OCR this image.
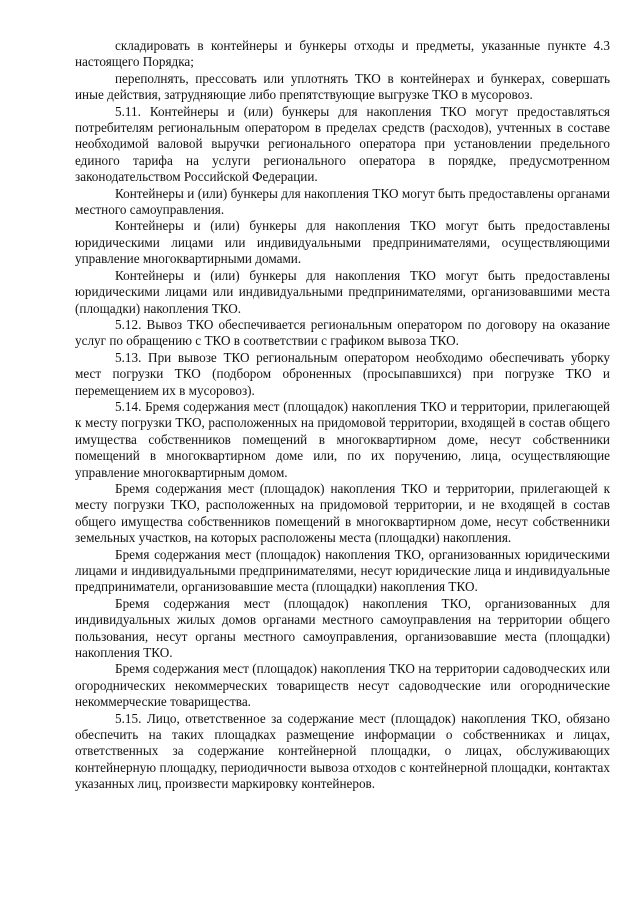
складировать в контейнеры и бункеры отходы и предметы, указанные пункте 4.3 настоящего Порядка;

переполнять, прессовать или уплотнять ТКО в контейнерах и бункерах, совершать иные действия, затрудняющие либо препятствующие выгрузке ТКО в мусоровоз.

5.11. Контейнеры и (или) бункеры для накопления ТКО могут предоставляться потребителям региональным оператором в пределах средств (расходов), учтенных в составе необходимой валовой выручки регионального оператора при установлении предельного единого тарифа на услуги регионального оператора в порядке, предусмотренном законодательством Российской Федерации.

Контейнеры и (или) бункеры для накопления ТКО могут быть предоставлены органами местного самоуправления.

Контейнеры и (или) бункеры для накопления ТКО могут быть предоставлены юридическими лицами или индивидуальными предпринимателями, осуществляющими управление многоквартирными домами.

Контейнеры и (или) бункеры для накопления ТКО могут быть предоставлены юридическими лицами или индивидуальными предпринимателями, организовавшими места (площадки) накопления ТКО.

5.12. Вывоз ТКО обеспечивается региональным оператором по договору на оказание услуг по обращению с ТКО в соответствии с графиком вывоза ТКО.

5.13. При вывозе ТКО региональным оператором необходимо обеспечивать уборку мест погрузки ТКО (подбором оброненных (просыпавшихся) при погрузке ТКО и перемещением их в мусоровоз).

5.14. Бремя содержания мест (площадок) накопления ТКО и территории, прилегающей к месту погрузки ТКО, расположенных на придомовой территории, входящей в состав общего имущества собственников помещений в многоквартирном доме, несут собственники помещений в многоквартирном доме или, по их поручению, лица, осуществляющие управление многоквартирным домом.

Бремя содержания мест (площадок) накопления ТКО и территории, прилегающей к месту погрузки ТКО, расположенных на придомовой территории, и не входящей в состав общего имущества собственников помещений в многоквартирном доме, несут собственники земельных участков, на которых расположены места (площадки) накопления.

Бремя содержания мест (площадок) накопления ТКО, организованных юридическими лицами и индивидуальными предпринимателями, несут юридические лица и индивидуальные предприниматели, организовавшие места (площадки) накопления ТКО.

Бремя содержания мест (площадок) накопления ТКО, организованных для индивидуальных жилых домов органами местного самоуправления на территории общего пользования, несут органы местного самоуправления, организовавшие места (площадки) накопления ТКО.

Бремя содержания мест (площадок) накопления ТКО на территории садоводческих или огороднических некоммерческих товариществ несут садоводческие или огороднические некоммерческие товарищества.

5.15. Лицо, ответственное за содержание мест (площадок) накопления ТКО, обязано обеспечить на таких площадках размещение информации о собственниках и лицах, ответственных за содержание контейнерной площадки, о лицах, обслуживающих контейнерную площадку, периодичности вывоза отходов с контейнерной площадки, контактах указанных лиц, произвести маркировку контейнеров.
